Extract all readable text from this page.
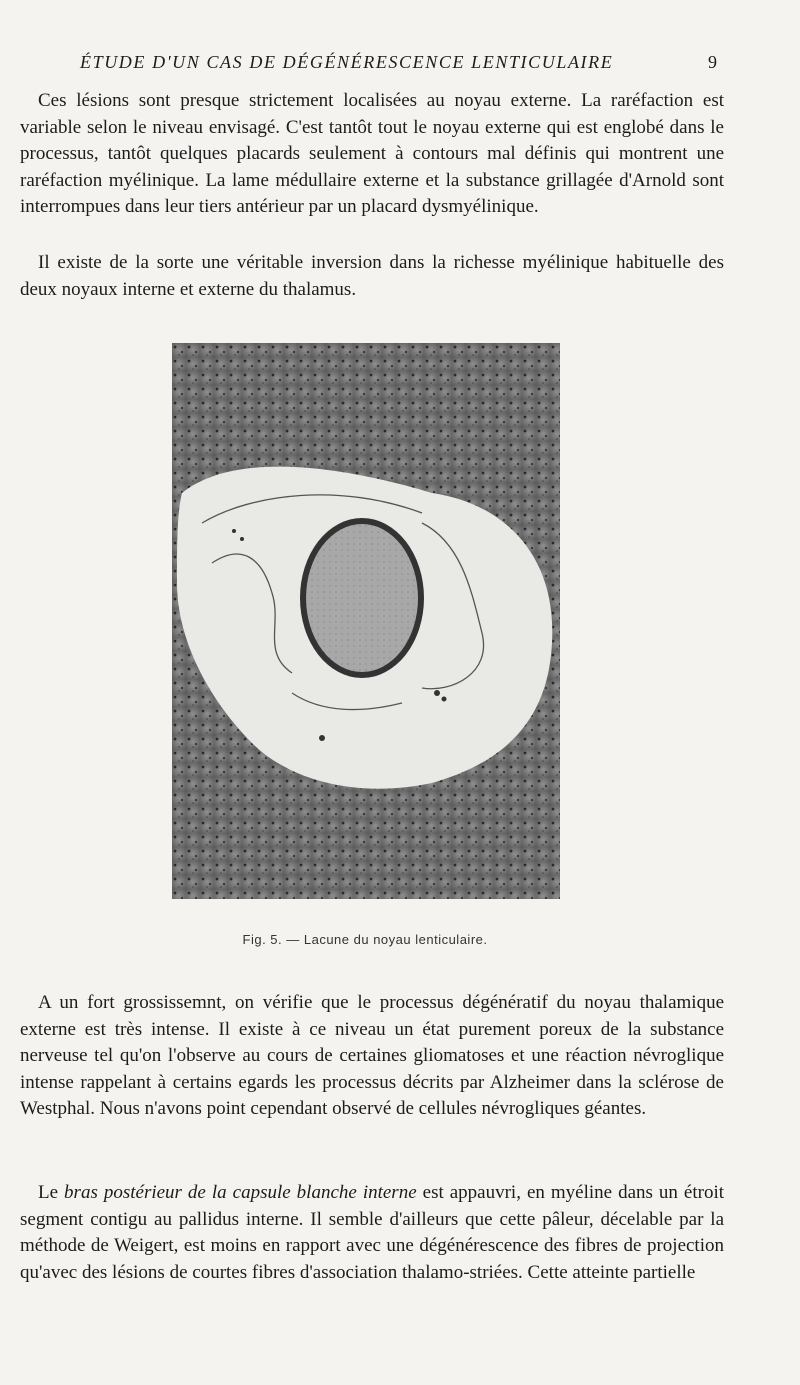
ÉTUDE D'UN CAS DE DÉGÉNÉRESCENCE LENTICULAIRE	9

Ces lésions sont presque strictement localisées au noyau externe. La raréfaction est variable selon le niveau envisagé. C'est tantôt tout le noyau externe qui est englobé dans le processus, tantôt quelques placards seulement à contours mal définis qui montrent une raréfaction myélinique. La lame médullaire externe et la substance grillagée d'Arnold sont interrompues dans leur tiers antérieur par un placard dysmyélinique.

Il existe de la sorte une véritable inversion dans la richesse myélinique habituelle des deux noyaux interne et externe du thalamus.

Fig. 5. — Lacune du noyau lenticulaire.

A un fort grossissemnt, on vérifie que le processus dégénératif du noyau thalamique externe est très intense. Il existe à ce niveau un état purement poreux de la substance nerveuse tel qu'on l'observe au cours de certaines gliomatoses et une réaction névroglique intense rappelant à certains egards les processus décrits par Alzheimer dans la sclérose de Westphal. Nous n'avons point cependant observé de cellules névrogliques géantes.

Le bras postérieur de la capsule blanche interne est appauvri, en myéline dans un étroit segment contigu au pallidus interne. Il semble d'ailleurs que cette pâleur, décelable par la méthode de Weigert, est moins en rapport avec une dégénérescence des fibres de projection qu'avec des lésions de courtes fibres d'association thalamo-striées. Cette atteinte partielle
